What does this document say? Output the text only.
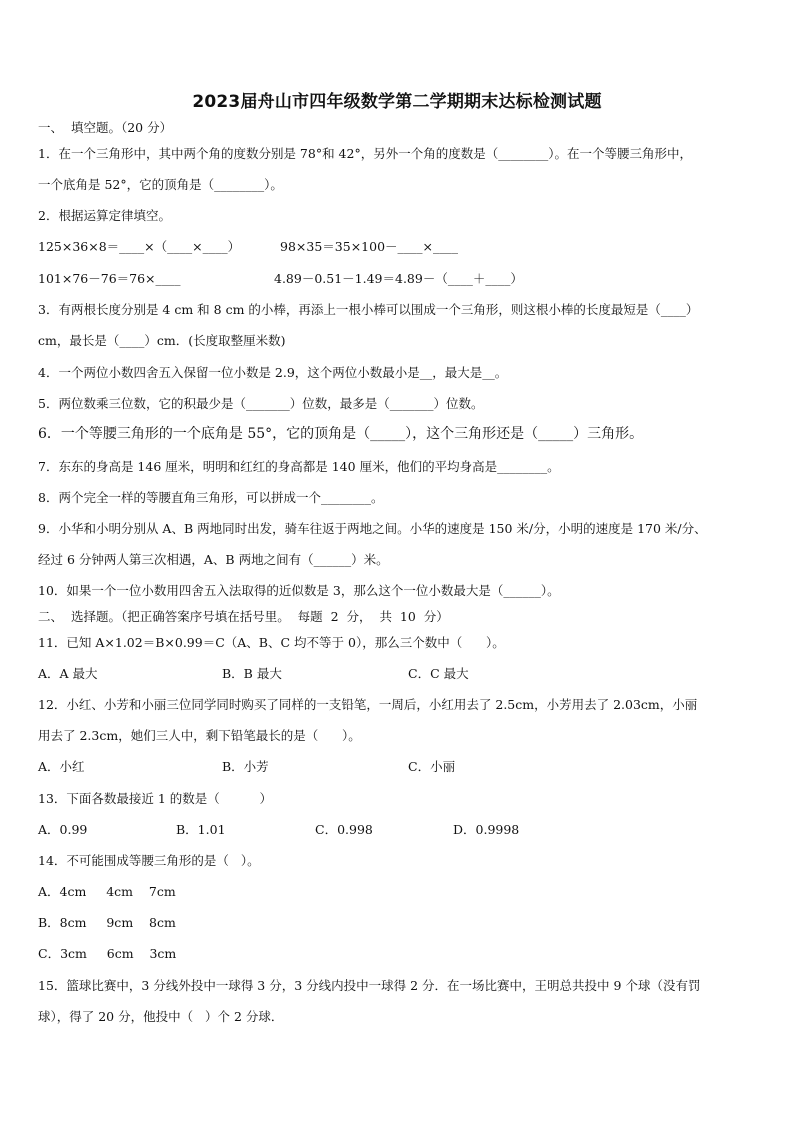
2023届舟山市四年级数学第二学期期末达标检测试题
一、  填空题。（20 分）
1．在一个三角形中，其中两个角的度数分别是 78°和 42°，另外一个角的度数是（________）。在一个等腰三角形中，
一个底角是 52°，它的顶角是（________）。
2．根据运算定律填空。
125×36×8＝____×（____×____）	98×35＝35×100－____×____
101×76－76＝76×____	4.89－0.51－1.49＝4.89－（____＋____）
3．有两根长度分别是 4 cm 和 8 cm 的小棒，再添上一根小棒可以围成一个三角形，则这根小棒的长度最短是（____）
cm，最长是（____）cm．(长度取整厘米数)
4．一个两位小数四舍五入保留一位小数是 2.9，这个两位小数最小是__，最大是__。
5．两位数乘三位数，它的积最少是（_______）位数，最多是（_______）位数。
6．一个等腰三角形的一个底角是 55°，它的顶角是（_____），这个三角形还是（_____）三角形。
7．东东的身高是 146 厘米，明明和红红的身高都是 140 厘米，他们的平均身高是________。
8．两个完全一样的等腰直角三角形，可以拼成一个________。
9．小华和小明分别从 A、B 两地同时出发，骑车往返于两地之间。小华的速度是 150 米/分，小明的速度是 170 米/分、
经过 6 分钟两人第三次相遇，A、B 两地之间有（______）米。
10．如果一个一位小数用四舍五入法取得的近似数是 3，那么这个一位小数最大是（______）。
二、  选择题。（把正确答案序号填在括号里。  每题  2  分，  共  10  分）
11．已知 A×1.02＝B×0.99＝C（A、B、C 均不等于 0），那么三个数中（      ）。
A．A 最大	B．B 最大	C．C 最大
12．小红、小芳和小丽三位同学同时购买了同样的一支铅笔，一周后，小红用去了 2.5cm，小芳用去了 2.03cm，小丽
用去了 2.3cm，她们三人中，剩下铅笔最长的是（      ）。
A．小红	B．小芳	C．小丽
13．下面各数最接近 1 的数是（          ）
A．0.99	B．1.01	C．0.998	D．0.9998
14．不可能围成等腰三角形的是（   ）。
A．4cm     4cm    7cm
B．8cm     9cm    8cm
C．3cm     6cm    3cm
15．篮球比赛中，3 分线外投中一球得 3 分，3 分线内投中一球得 2 分．在一场比赛中，王明总共投中 9 个球（没有罚
球），得了 20 分，他投中（   ）个 2 分球．
